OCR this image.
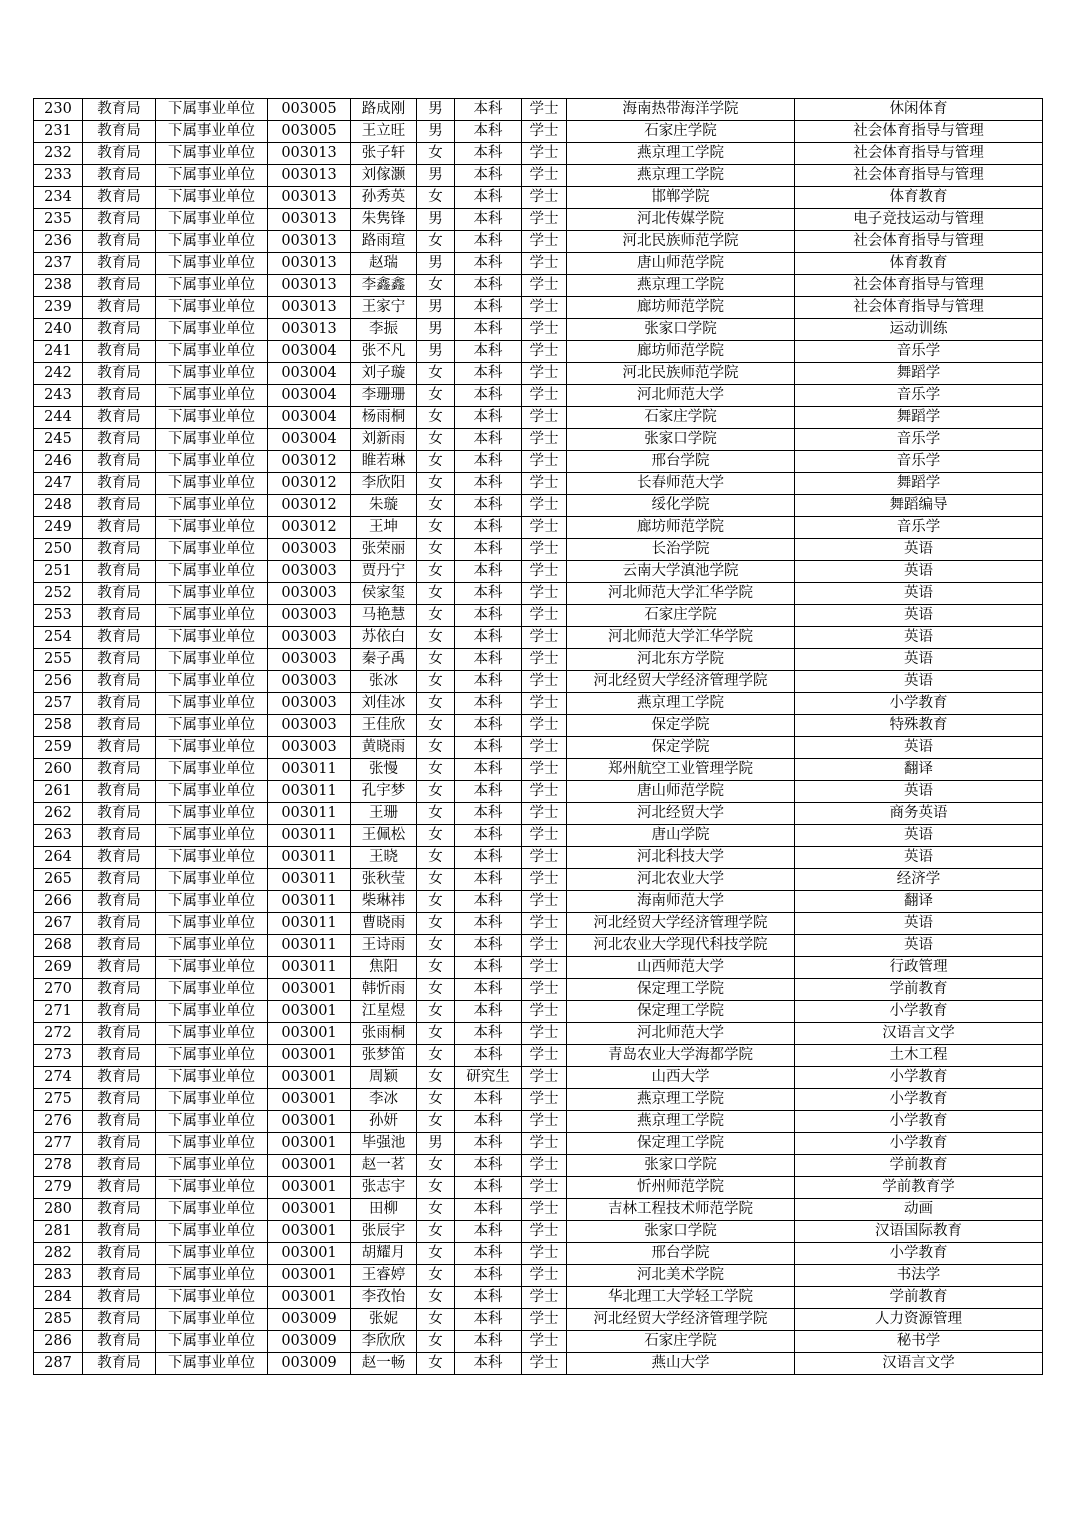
230	教育局	下属事业单位	003005	路成刚	男	本科	学士	海南热带海洋学院	休闲体育
231	教育局	下属事业单位	003005	王立旺	男	本科	学士	石家庄学院	社会体育指导与管理
232	教育局	下属事业单位	003013	张子轩	女	本科	学士	燕京理工学院	社会体育指导与管理
233	教育局	下属事业单位	003013	刘傢灏	男	本科	学士	燕京理工学院	社会体育指导与管理
234	教育局	下属事业单位	003013	孙秀英	女	本科	学士	邯郸学院	体育教育
235	教育局	下属事业单位	003013	朱隽锋	男	本科	学士	河北传媒学院	电子竞技运动与管理
236	教育局	下属事业单位	003013	路雨瑄	女	本科	学士	河北民族师范学院	社会体育指导与管理
237	教育局	下属事业单位	003013	赵瑞	男	本科	学士	唐山师范学院	体育教育
238	教育局	下属事业单位	003013	李鑫鑫	女	本科	学士	燕京理工学院	社会体育指导与管理
239	教育局	下属事业单位	003013	王家宁	男	本科	学士	廊坊师范学院	社会体育指导与管理
240	教育局	下属事业单位	003013	李振	男	本科	学士	张家口学院	运动训练
241	教育局	下属事业单位	003004	张不凡	男	本科	学士	廊坊师范学院	音乐学
242	教育局	下属事业单位	003004	刘子璇	女	本科	学士	河北民族师范学院	舞蹈学
243	教育局	下属事业单位	003004	李珊珊	女	本科	学士	河北师范大学	音乐学
244	教育局	下属事业单位	003004	杨雨桐	女	本科	学士	石家庄学院	舞蹈学
245	教育局	下属事业单位	003004	刘新雨	女	本科	学士	张家口学院	音乐学
246	教育局	下属事业单位	003012	睢若琳	女	本科	学士	邢台学院	音乐学
247	教育局	下属事业单位	003012	李欣阳	女	本科	学士	长春师范大学	舞蹈学
248	教育局	下属事业单位	003012	朱璇	女	本科	学士	绥化学院	舞蹈编导
249	教育局	下属事业单位	003012	王坤	女	本科	学士	廊坊师范学院	音乐学
250	教育局	下属事业单位	003003	张荣丽	女	本科	学士	长治学院	英语
251	教育局	下属事业单位	003003	贾丹宁	女	本科	学士	云南大学滇池学院	英语
252	教育局	下属事业单位	003003	侯家玺	女	本科	学士	河北师范大学汇华学院	英语
253	教育局	下属事业单位	003003	马艳慧	女	本科	学士	石家庄学院	英语
254	教育局	下属事业单位	003003	苏依白	女	本科	学士	河北师范大学汇华学院	英语
255	教育局	下属事业单位	003003	秦子禹	女	本科	学士	河北东方学院	英语
256	教育局	下属事业单位	003003	张冰	女	本科	学士	河北经贸大学经济管理学院	英语
257	教育局	下属事业单位	003003	刘佳冰	女	本科	学士	燕京理工学院	小学教育
258	教育局	下属事业单位	003003	王佳欣	女	本科	学士	保定学院	特殊教育
259	教育局	下属事业单位	003003	黄晓雨	女	本科	学士	保定学院	英语
260	教育局	下属事业单位	003011	张慢	女	本科	学士	郑州航空工业管理学院	翻译
261	教育局	下属事业单位	003011	孔宇梦	女	本科	学士	唐山师范学院	英语
262	教育局	下属事业单位	003011	王珊	女	本科	学士	河北经贸大学	商务英语
263	教育局	下属事业单位	003011	王佩松	女	本科	学士	唐山学院	英语
264	教育局	下属事业单位	003011	王晓	女	本科	学士	河北科技大学	英语
265	教育局	下属事业单位	003011	张秋莹	女	本科	学士	河北农业大学	经济学
266	教育局	下属事业单位	003011	柴琳祎	女	本科	学士	海南师范大学	翻译
267	教育局	下属事业单位	003011	曹晓雨	女	本科	学士	河北经贸大学经济管理学院	英语
268	教育局	下属事业单位	003011	王诗雨	女	本科	学士	河北农业大学现代科技学院	英语
269	教育局	下属事业单位	003011	焦阳	女	本科	学士	山西师范大学	行政管理
270	教育局	下属事业单位	003001	韩忻雨	女	本科	学士	保定理工学院	学前教育
271	教育局	下属事业单位	003001	江星煜	女	本科	学士	保定理工学院	小学教育
272	教育局	下属事业单位	003001	张雨桐	女	本科	学士	河北师范大学	汉语言文学
273	教育局	下属事业单位	003001	张梦笛	女	本科	学士	青岛农业大学海都学院	土木工程
274	教育局	下属事业单位	003001	周颖	女	研究生	学士	山西大学	小学教育
275	教育局	下属事业单位	003001	李冰	女	本科	学士	燕京理工学院	小学教育
276	教育局	下属事业单位	003001	孙妍	女	本科	学士	燕京理工学院	小学教育
277	教育局	下属事业单位	003001	毕强池	男	本科	学士	保定理工学院	小学教育
278	教育局	下属事业单位	003001	赵一茗	女	本科	学士	张家口学院	学前教育
279	教育局	下属事业单位	003001	张志宇	女	本科	学士	忻州师范学院	学前教育学
280	教育局	下属事业单位	003001	田柳	女	本科	学士	吉林工程技术师范学院	动画
281	教育局	下属事业单位	003001	张辰宇	女	本科	学士	张家口学院	汉语国际教育
282	教育局	下属事业单位	003001	胡耀月	女	本科	学士	邢台学院	小学教育
283	教育局	下属事业单位	003001	王睿婷	女	本科	学士	河北美术学院	书法学
284	教育局	下属事业单位	003001	李孜怡	女	本科	学士	华北理工大学轻工学院	学前教育
285	教育局	下属事业单位	003009	张妮	女	本科	学士	河北经贸大学经济管理学院	人力资源管理
286	教育局	下属事业单位	003009	李欣欣	女	本科	学士	石家庄学院	秘书学
287	教育局	下属事业单位	003009	赵一畅	女	本科	学士	燕山大学	汉语言文学
